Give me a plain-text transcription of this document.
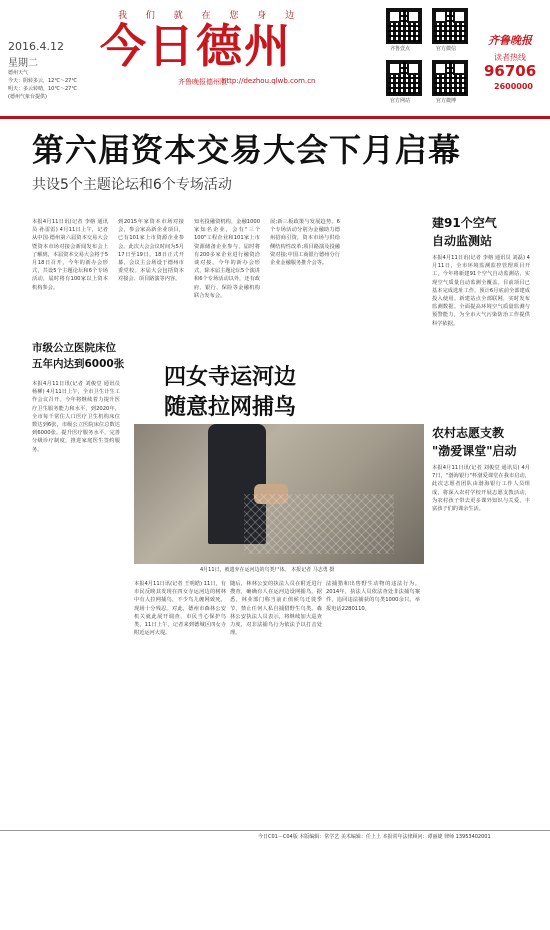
我 们 就 在 您 身 边
今日德州
齐鲁晚报德州版
http://dezhou.qlwb.com.cn
2016.4.12
星期二
德州天气
今天：阴转多云，12℃～27℃
明天：多云转晴，10℃～27℃
(德州气象台提供)
齐鲁壹点	官方微信
官方网站	官方微博
齐鲁晚报
读者热线
96706
2600000
第六届资本交易大会下月启幕
共设5个主题论坛和6个专场活动
本报4月11日讯(记者 李榕 通讯员 孙雷雷) 4月11日上午，记者从中国·德州第六届资本交易大会暨资本市场对接会新闻发布会上了解到，本届资本交易大会将于5月18日召开，今年的新办会形式，共设5个主题论坛和6个专场活动，届时将有100家以上资本机构参会。
到2015年家资本市场对接会，参会家高新企业项目，已有101家上市资源企业参会。此次大会会议时间为5月17日至19日，18日正式开幕，会议主会场设于德州市委党校。本届大会包括资本对接会、项目路演等内容。
知名投融资机构，金融1000家知名企业，会有"三个100"工程企业和101家上市资源储备企业参与，届时将有200多家企业进行融资洽谈对接。今年的新办会形式，除本届主题论坛5个演讲和6个专场活动以外，还有政府、银行、保险等金融机构联合发布会。
展;新三板政策与发展趋势，6个专场活动分别为金融助力德州招商引资，资本市场与供给侧结构性改革;项目路演及投融资对接;中国工商银行德州分行企业金融服务推介会等。
建91个空气
自动监测站
本报4月11日讯(记者 李榕 通讯员 刘磊) 4月11日，全市环境监测监控管理项目开工，今年将新建91个空气自动监测站，实现空气质量自动监测全覆盖。目前项目已基本完成选址工作，预计6月底前全部建成投入使用。新建站点全部联网，实时发布监测数据。全面提高环境空气质量监测与预警能力，为全市大气污染防治工作提供科学依据。
农村志愿支教
"渤爱课堂"启动
本报4月11日讯(记者 刘俊堂 通讯员) 4月7日，"渤海银行"杯渤爱课堂在我市启动，此次志愿者团队由渤海银行工作人员组成，将深入农村学校开展志愿支教活动，为农村孩子带去更多课外知识与关爱，丰富孩子们的课余生活。
市级公立医院床位
五年内达到6000张
本报4月11日讯(记者 刘俊堂 通讯员 杨柳) 4月11日上午，全市卫生计生工作会议召开。今年将继续着力提升医疗卫生服务能力和水平，到2020年，全市每千常住人口医疗卫生机构床位数达到6张，市级公立医院床位总数达到6000张。提升医疗服务水平，完善分级诊疗制度，推进家庭医生签约服务。
四女寺运河边
随意拉网捕鸟
4月11日，被遗弃在运河边的鸟类尸体。 本报记者 马志勇 摄
本报4月11日讯(记者 王明皓) 11日，有市民反映其发现在四女寺运河边的树林中有人拉网捕鸟，不少鸟儿缠网致死，现场十分残忍。对此，德州市森林公安机关就此展开调查，市民当心保护鸟类。11日上午，记者来到德城区四女寺附近运河大堤。
随后，林林公安的执法人员在附近进行搜查，确确有人在运河边设网捕鸟。据悉，林业部门称当前正值候鸟迁徙季节，禁止任何人私自捕猎野生鸟类。森林公安执法人员表示，将继续加大巡查力度，对非法捕鸟行为依法予以打击处理。
法捕猎和出售野生动物的违法行为。2014年，执法人员依法查处非法捕鸟案件，追回违法捕获的鸟类1000余只。举报电话2280110。
今日C01－C04版 本版编辑：常学艺 美术编辑：任上上 本报常年法律顾问：谭丽婕 律师 13953402001
